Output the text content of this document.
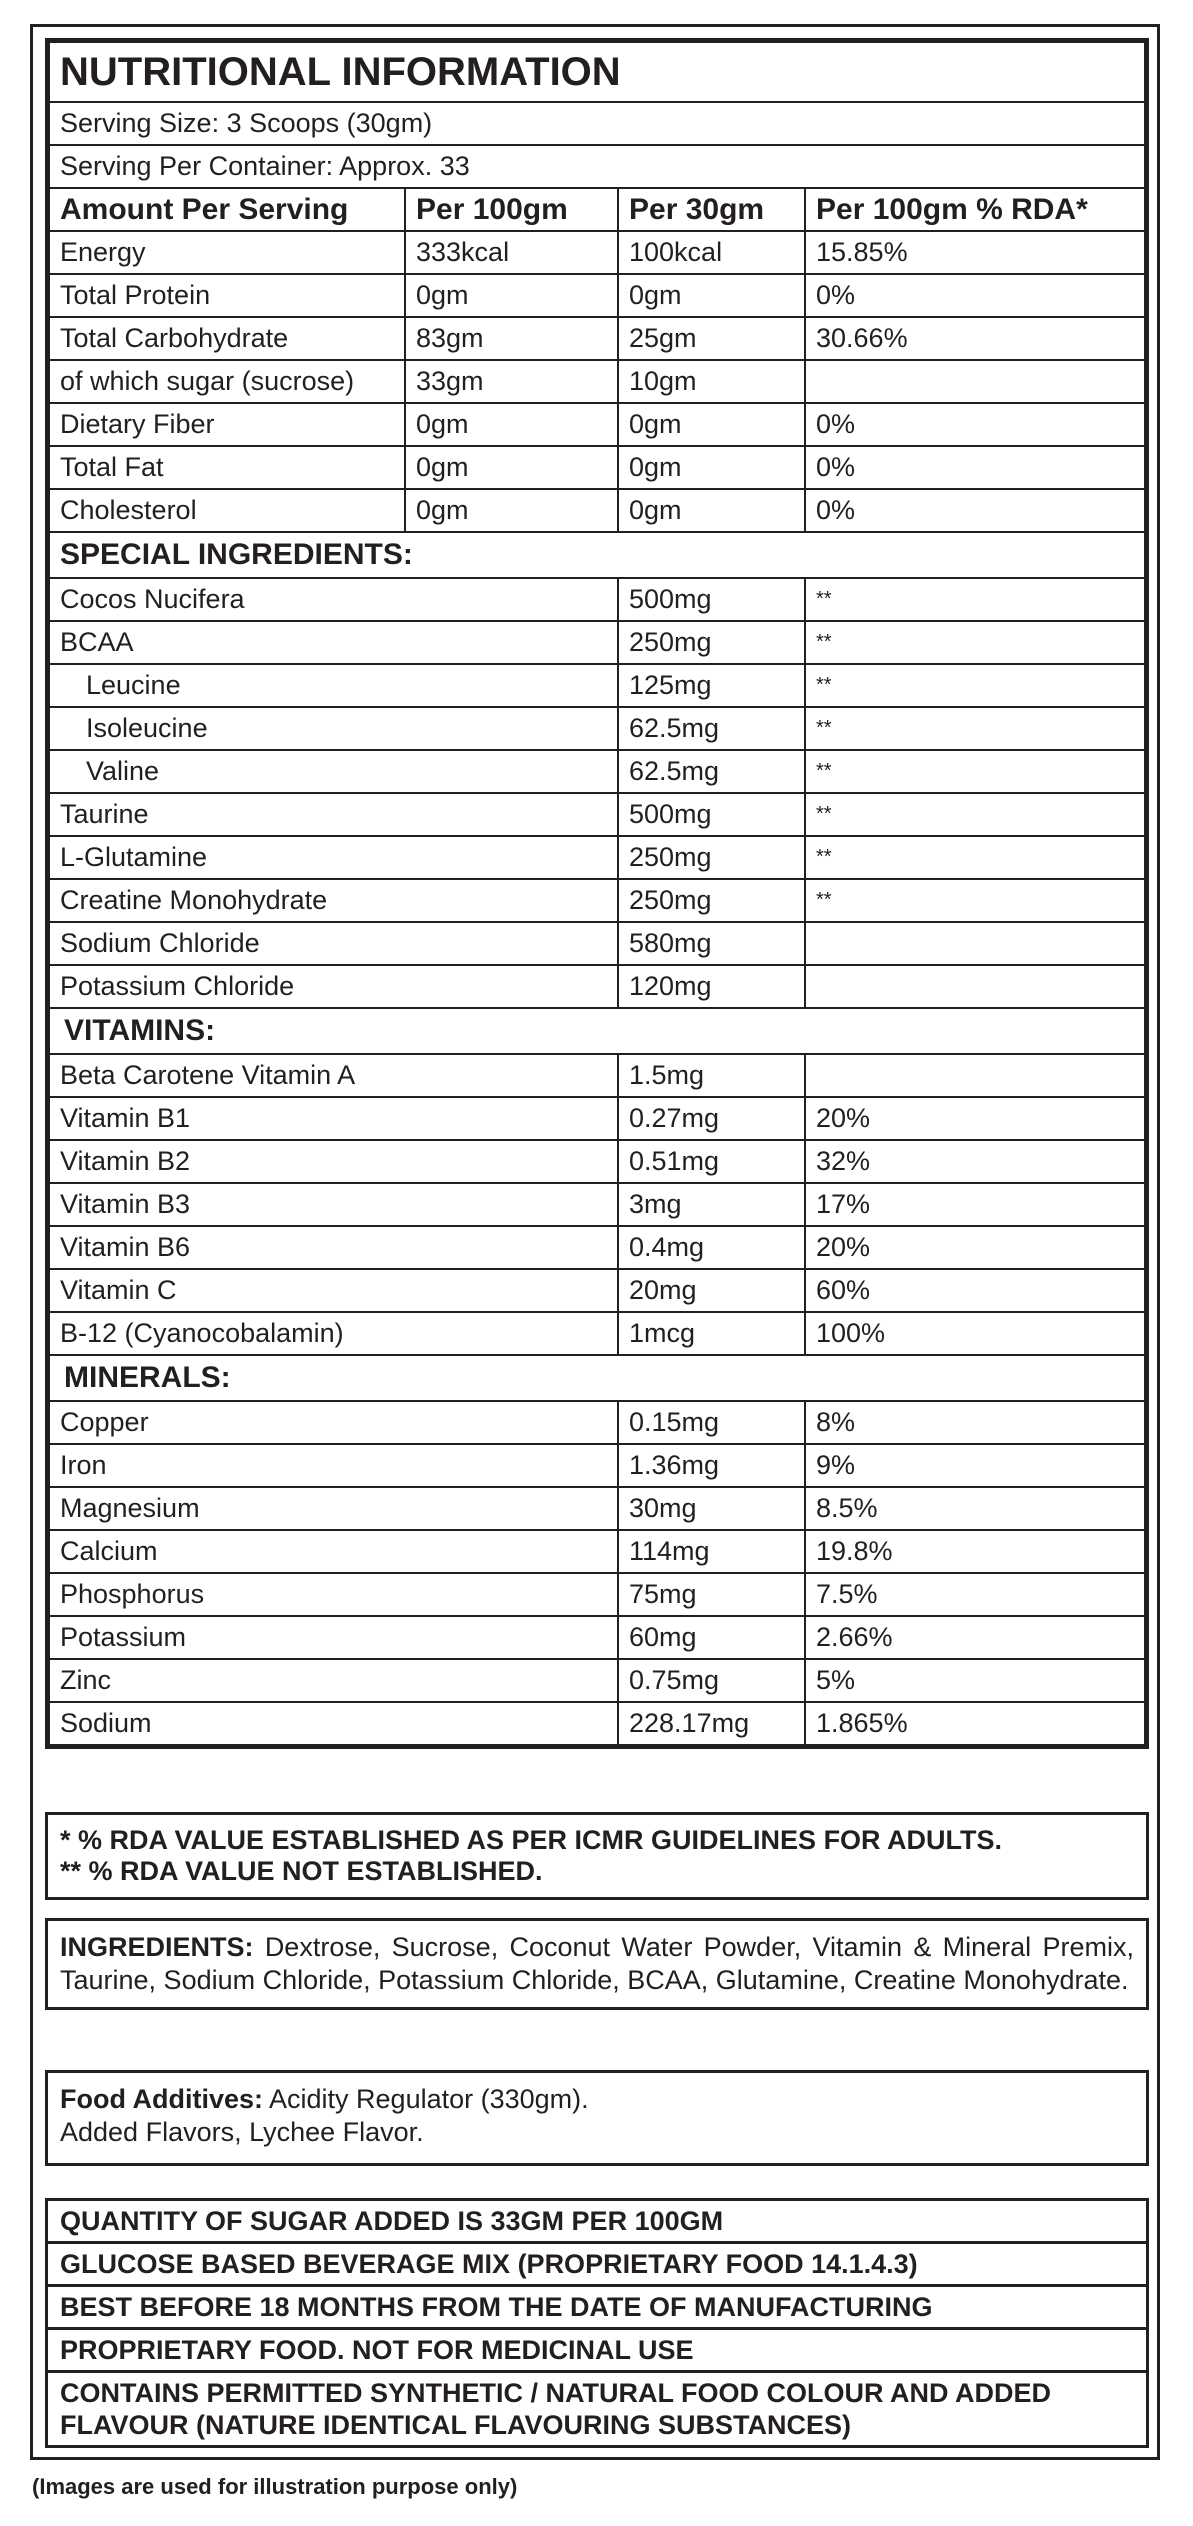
NUTRITIONAL INFORMATION			
Serving Size: 3 Scoops (30gm)			
Serving Per Container: Approx. 33			
Amount Per Serving	Per 100gm	Per 30gm	Per 100gm % RDA*
Energy	333kcal	100kcal	15.85%
Total Protein	0gm	0gm	0%
Total Carbohydrate	83gm	25gm	30.66%
of which sugar (sucrose)	33gm	10gm	
Dietary Fiber	0gm	0gm	0%
Total Fat	0gm	0gm	0%
Cholesterol	0gm	0gm	0%
SPECIAL INGREDIENTS:			
Cocos Nucifera		500mg	**
BCAA		250mg	**
Leucine		125mg	**
Isoleucine		62.5mg	**
Valine		62.5mg	**
Taurine		500mg	**
L-Glutamine		250mg	**
Creatine Monohydrate		250mg	**
Sodium Chloride		580mg	
Potassium Chloride		120mg	
VITAMINS:			
Beta Carotene Vitamin A		1.5mg	
Vitamin B1		0.27mg	20%
Vitamin B2		0.51mg	32%
Vitamin B3		3mg	17%
Vitamin B6		0.4mg	20%
Vitamin C		20mg	60%
B-12 (Cyanocobalamin)		1mcg	100%
MINERALS:			
Copper		0.15mg	8%
Iron		1.36mg	9%
Magnesium		30mg	8.5%
Calcium		114mg	19.8%
Phosphorus		75mg	7.5%
Potassium		60mg	2.66%
Zinc		0.75mg	5%
Sodium		228.17mg	1.865%
* % RDA VALUE ESTABLISHED AS PER ICMR GUIDELINES FOR ADULTS.
** % RDA VALUE NOT ESTABLISHED.
INGREDIENTS: Dextrose, Sucrose, Coconut Water Powder, Vitamin & Mineral Premix, Taurine, Sodium Chloride, Potassium Chloride, BCAA, Glutamine, Creatine Monohydrate.
Food Additives: Acidity Regulator (330gm).
Added Flavors, Lychee Flavor.
QUANTITY OF SUGAR ADDED IS 33GM PER 100GM
GLUCOSE BASED BEVERAGE MIX (PROPRIETARY FOOD 14.1.4.3)
BEST BEFORE 18 MONTHS FROM THE DATE OF MANUFACTURING
PROPRIETARY FOOD. NOT FOR MEDICINAL USE
CONTAINS PERMITTED SYNTHETIC / NATURAL FOOD COLOUR AND ADDED FLAVOUR (NATURE IDENTICAL FLAVOURING SUBSTANCES)
(Images are used for illustration purpose only)
